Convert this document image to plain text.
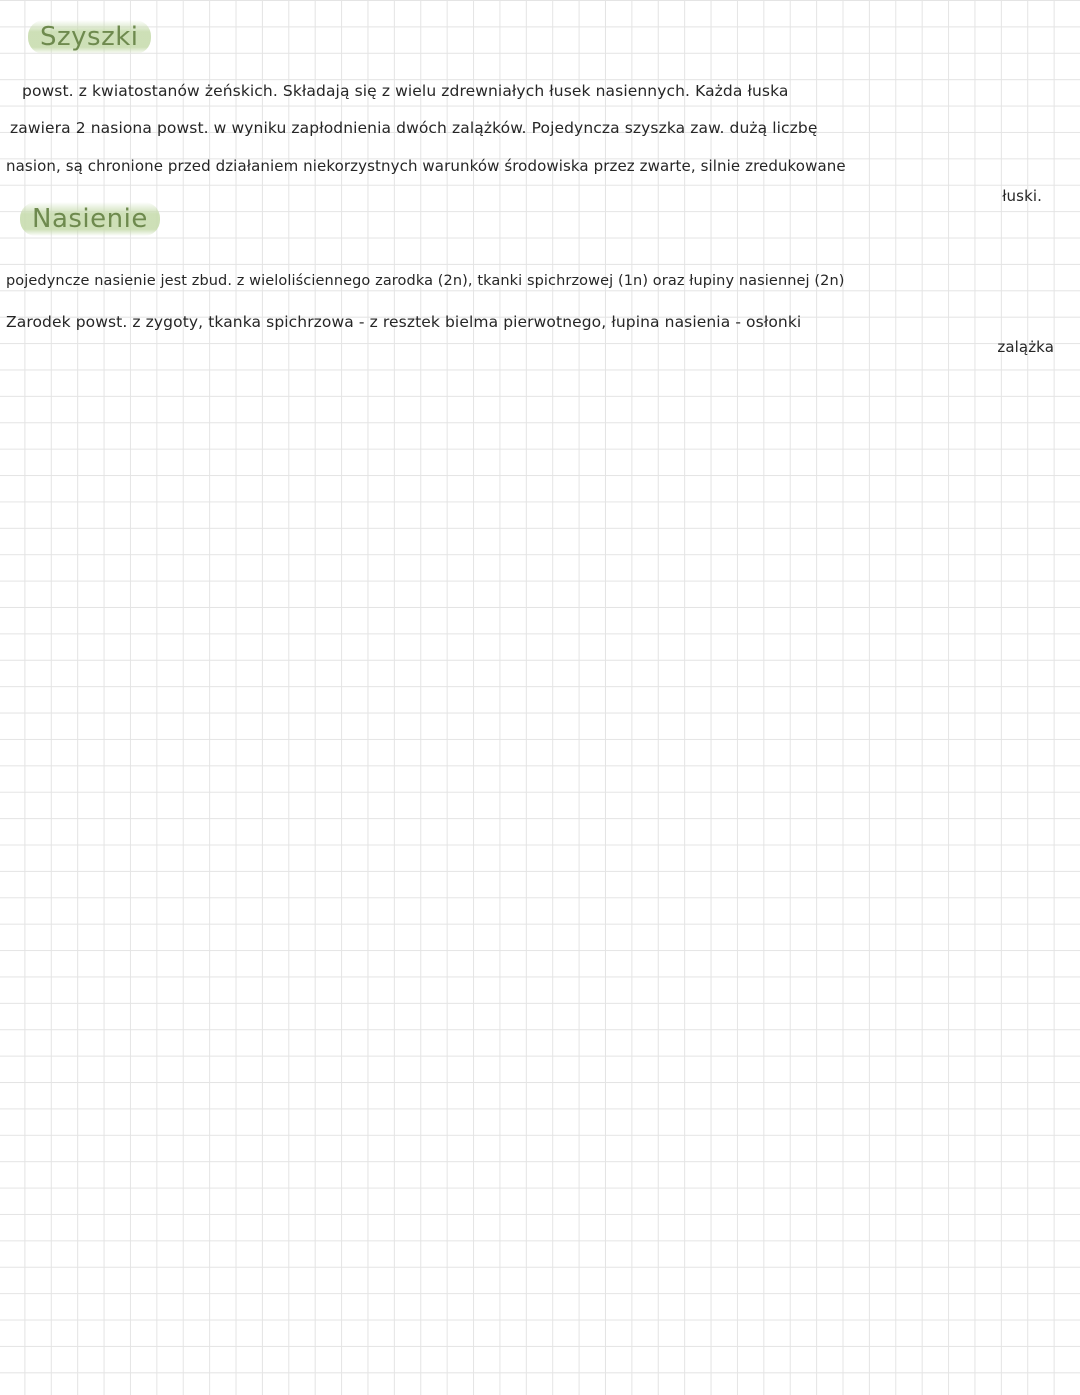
Szyszki
powst. z kwiatostanów żeńskich. Składają się z wielu zdrewniałych łusek nasiennych. Każda łuska
zawiera 2 nasiona powst. w wyniku zapłodnienia dwóch zalążków. Pojedyncza szyszka zaw. dużą liczbę
nasion, są chronione przed działaniem niekorzystnych warunków środowiska przez zwarte, silnie zredukowane
łuski.
Nasienie
pojedyncze nasienie jest zbud. z wieloliściennego zarodka (2n), tkanki spichrzowej (1n) oraz łupiny nasiennej (2n)
Zarodek powst. z zygoty, tkanka spichrzowa - z resztek bielma pierwotnego, łupina nasienia - osłonki
zalążka
